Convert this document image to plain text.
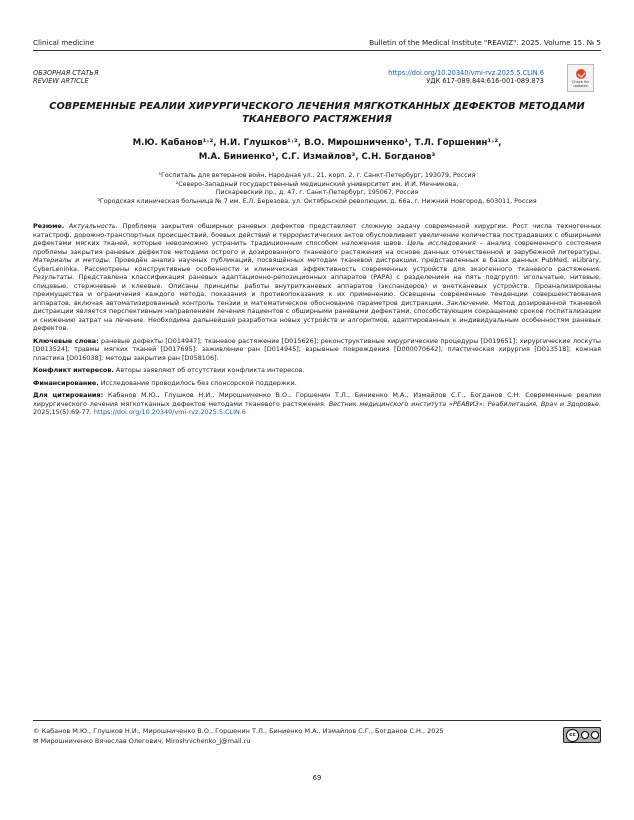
Clinical medicine	Bulletin of the Medical Institute "REAVIZ". 2025. Volume 15. № 5
ОБЗОРНАЯ СТАТЬЯ
REVIEW ARTICLE
https://doi.org/10.20340/vmi-rvz.2025.5.CLIN.6
УДК 617-089.844:616-001-089.873	Check for updates
СОВРЕМЕННЫЕ РЕАЛИИ ХИРУРГИЧЕСКОГО ЛЕЧЕНИЯ МЯГКОТКАННЫХ ДЕФЕКТОВ МЕТОДАМИ ТКАНЕВОГО РАСТЯЖЕНИЯ
М.Ю. Кабанов¹˒², Н.И. Глушков¹˒², В.О. Мирошниченко¹, Т.Л. Горшенин¹˒²,
М.А. Биниенко¹, С.Г. Измайлов³, С.Н. Богданов³
¹Госпиталь для ветеранов войн, Народная ул., 21, корп. 2, г. Санкт-Петербург, 193079, Россия
²Северо-Западный государственный медицинский университет им. И.И. Мечникова,
Пискаревский пр., д. 47, г. Санкт-Петербург, 195067, Россия
³Городская клиническая больница № 7 им. Е.Л. Березова, ул. Октябрьской революции, д. 66а, г. Нижний Новгород, 603011, Россия

Резюме. Актуальность. Проблема закрытия обширных раневых дефектов представляет сложную задачу современной хирургии. Рост числа техногенных катастроф, дорожно-транспортных происшествий, боевых действий и террористических актов обусловливает увеличение количества пострадавших с обширными дефектами мягких тканей, которые невозможно устранить традиционным способом наложения швов. Цель исследования – анализ современного состояния проблемы закрытия раневых дефектов методами острого и дозированного тканевого растяжения на основе данных отечественной и зарубежной литературы. Материалы и методы. Проведён анализ научных публикаций, посвящённых методам тканевой дистракции, представленных в базах данных PubMed, eLibrary, CyberLeninka. Рассмотрены конструктивные особенности и клиническая эффективность современных устройств для экзогенного тканевого растяжения. Результаты. Представлена классификация раневых адаптационно-репозиционных аппаратов (РАРА) с разделением на пять подгрупп: игольчатые, нитевые, спицевые, стержневые и клеевые. Описаны принципы работы внутритканевых аппаратов (экспандеров) и внетканевых устройств. Проанализированы преимущества и ограничения каждого метода, показания и противопоказания к их применению. Освещены современные тенденции совершенствования аппаратов, включая автоматизированный контроль тензии и математическое обоснование параметров дистракции. Заключение. Метод дозированной тканевой дистракции является перспективным направлением лечения пациентов с обширными раневыми дефектами, способствующим сокращению сроков госпитализации и снижению затрат на лечение. Необходима дальнейшая разработка новых устройств и алгоритмов, адаптированных к индивидуальным особенностям раневых дефектов.

Ключевые слова: раневые дефекты [D014947]; тканевое растяжение [D015626]; реконструктивные хирургические процедуры [D019651]; хирургические лоскуты [D013524]; травмы мягких тканей [D017695]; заживление ран [D014945]; взрывные повреждения [D000070642]; пластическая хирургия [D013518]; кожная пластика [D016038]; методы закрытия ран [D058106].

Конфликт интересов. Авторы заявляют об отсутствии конфликта интересов.

Финансирование. Исследование проводилось без спонсорской поддержки.

Для цитирования: Кабанов М.Ю., Глушков Н.И., Мирошниченко В.О., Горшенин Т.Л., Биниенко М.А., Измайлов С.Г., Богданов С.Н. Современные реалии хирургического лечения мягкотканных дефектов методами тканевого растяжения. Вестник медицинского института «РЕАВИЗ»: Реабилитация, Врач и Здоровье. 2025;15(5):69-77. https://doi.org/10.20340/vmi-rvz.2025.5.CLIN.6

© Кабанов М.Ю., Глушков Н.И., Мирошниченко В.О., Горшенин Т.Л., Биниенко М.А., Измайлов С.Г., Богданов С.Н., 2025
✉ Мирошниченко Вячеслав Олегович, Miroshnichenko_j@mail.ru
cc
69
